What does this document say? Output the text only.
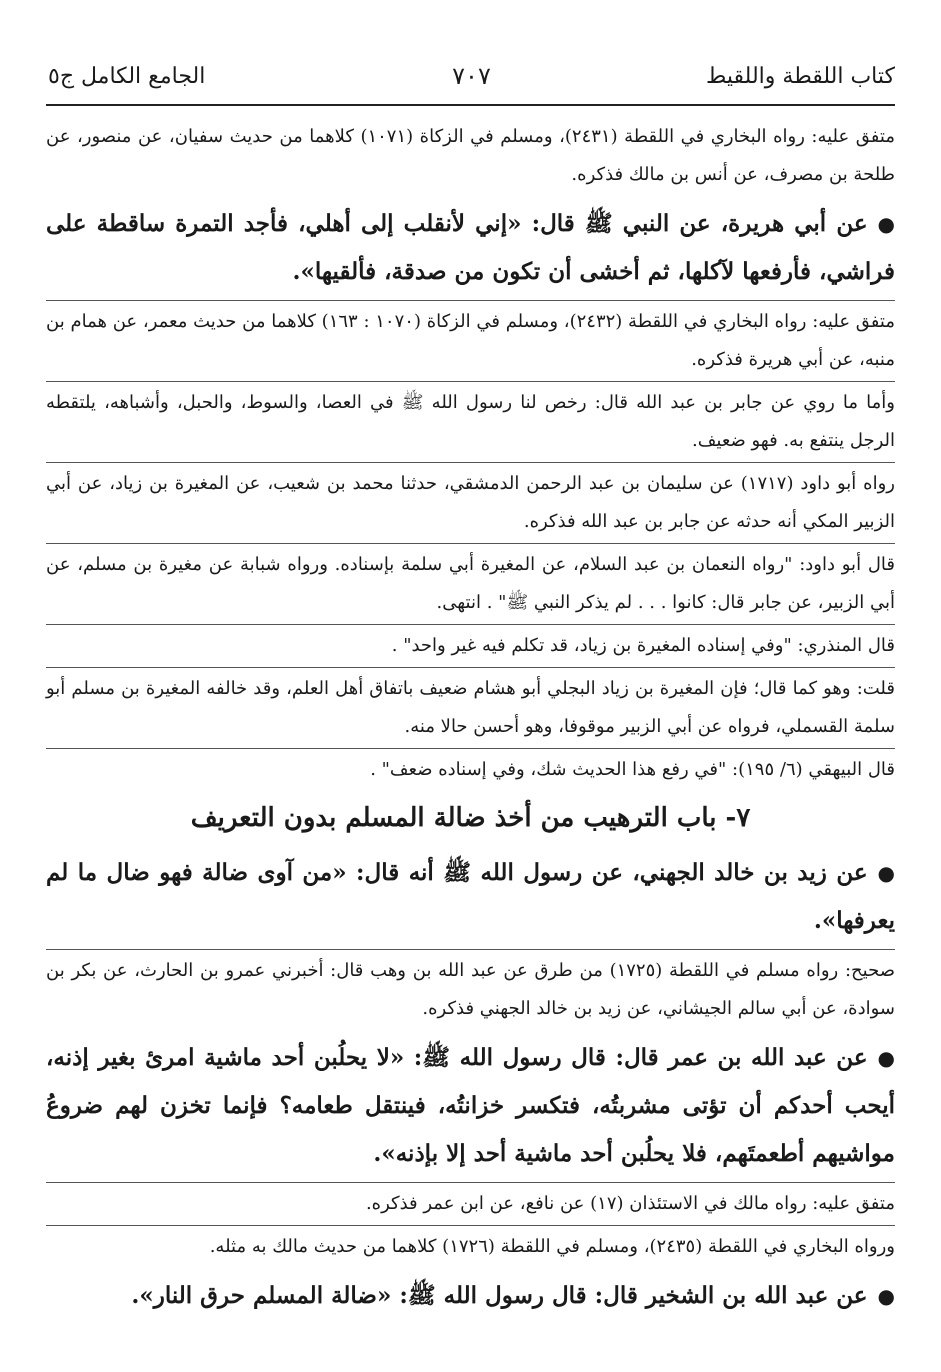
كتاب اللقطة واللقيط
٧٠٧
الجامع الكامل ج٥

متفق عليه: رواه البخاري في اللقطة (٢٤٣١)، ومسلم في الزكاة (١٠٧١) كلاهما من حديث سفيان، عن منصور، عن طلحة بن مصرف، عن أنس بن مالك فذكره.

●عن أبي هريرة، عن النبي ﷺ قال: «إني لأنقلب إلى أهلي، فأجد التمرة ساقطة على فراشي، فأرفعها لآكلها، ثم أخشى أن تكون من صدقة، فألقيها».

متفق عليه: رواه البخاري في اللقطة (٢٤٣٢)، ومسلم في الزكاة (١٠٧٠ : ١٦٣) كلاهما من حديث معمر، عن همام بن منبه، عن أبي هريرة فذكره.

وأما ما روي عن جابر بن عبد الله قال: رخص لنا رسول الله ﷺ في العصا، والسوط، والحبل، وأشباهه، يلتقطه الرجل ينتفع به. فهو ضعيف.

رواه أبو داود (١٧١٧) عن سليمان بن عبد الرحمن الدمشقي، حدثنا محمد بن شعيب، عن المغيرة بن زياد، عن أبي الزبير المكي أنه حدثه عن جابر بن عبد الله فذكره.

قال أبو داود: "رواه النعمان بن عبد السلام، عن المغيرة أبي سلمة بإسناده. ورواه شبابة عن مغيرة بن مسلم، عن أبي الزبير، عن جابر قال: كانوا . . . لم يذكر النبي ﷺ" . انتهى.

قال المنذري: "وفي إسناده المغيرة بن زياد، قد تكلم فيه غير واحد" .

قلت: وهو كما قال؛ فإن المغيرة بن زياد البجلي أبو هشام ضعيف باتفاق أهل العلم، وقد خالفه المغيرة بن مسلم أبو سلمة القسملي، فرواه عن أبي الزبير موقوفا، وهو أحسن حالا منه.

قال البيهقي (٦/ ١٩٥): "في رفع هذا الحديث شك، وفي إسناده ضعف" .

٧- باب الترهيب من أخذ ضالة المسلم بدون التعريف

●عن زيد بن خالد الجهني، عن رسول الله ﷺ أنه قال: «من آوى ضالة فهو ضال ما لم يعرفها».

صحيح: رواه مسلم في اللقطة (١٧٢٥) من طرق عن عبد الله بن وهب قال: أخبرني عمرو بن الحارث، عن بكر بن سوادة، عن أبي سالم الجيشاني، عن زيد بن خالد الجهني فذكره.

●عن عبد الله بن عمر قال: قال رسول الله ﷺ: «لا يحلُبن أحد ماشية امرئ بغير إذنه، أيحب أحدكم أن تؤتى مشربتُه، فتكسر خزانتُه، فينتقل طعامه؟ فإنما تخزن لهم ضروعُ مواشيهم أطعمتَهم، فلا يحلُبن أحد ماشية أحد إلا بإذنه».

متفق عليه: رواه مالك في الاستئذان (١٧) عن نافع، عن ابن عمر فذكره.

ورواه البخاري في اللقطة (٢٤٣٥)، ومسلم في اللقطة (١٧٢٦) كلاهما من حديث مالك به مثله.

●عن عبد الله بن الشخير قال: قال رسول الله ﷺ: «ضالة المسلم حرق النار».
